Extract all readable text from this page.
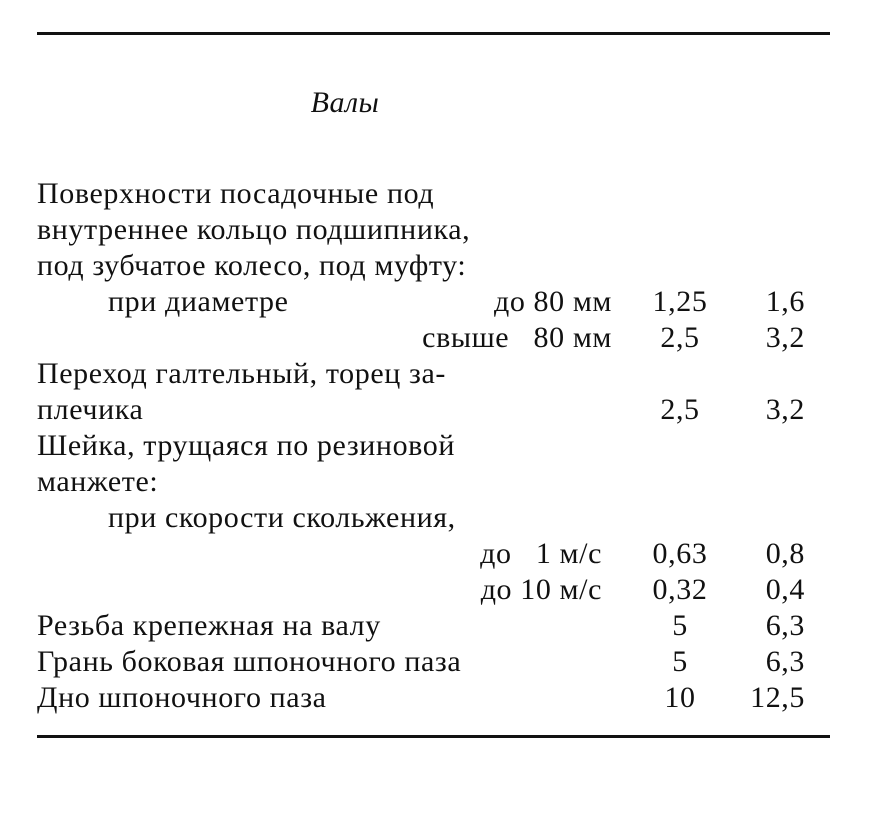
Валы
Поверхности посадочные под
внутреннее кольцо подшипника,
под зубчатое колесо, под муфту:
при диаметре	до 80 мм	1,25	1,6
свыше   80 мм	2,5	3,2
Переход галтельный, торец за-
плечика	2,5	3,2
Шейка, трущаяся по резиновой
манжете:
при скорости скольжения,
до   1 м/с	0,63	0,8
до 10 м/с	0,32	0,4
Резьба крепежная на валу	5	6,3
Грань боковая шпоночного паза	5	6,3
Дно шпоночного паза	10	12,5
